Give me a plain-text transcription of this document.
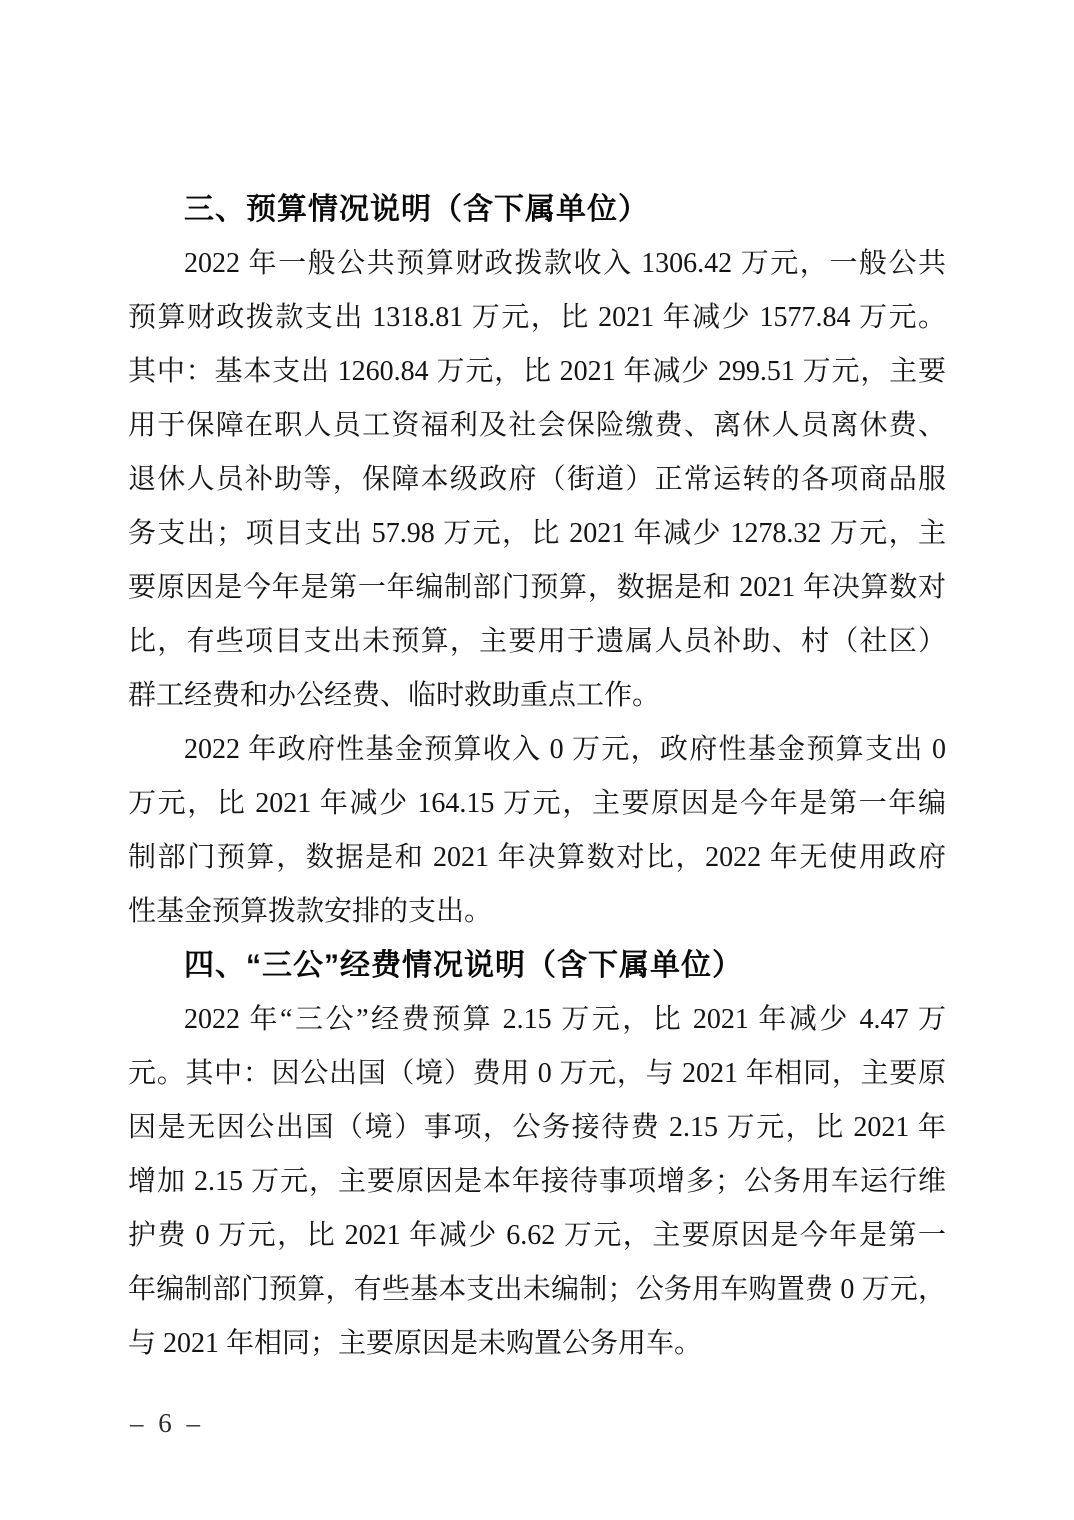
三、预算情况说明（含下属单位）
2022 年一般公共预算财政拨款收入 1306.42 万元，一般公共
预算财政拨款支出 1318.81 万元，比 2021 年减少 1577.84 万元。
其中：基本支出 1260.84 万元，比 2021 年减少 299.51 万元，主要
用于保障在职人员工资福利及社会保险缴费、离休人员离休费、
退休人员补助等，保障本级政府（街道）正常运转的各项商品服
务支出；项目支出 57.98 万元，比 2021 年减少 1278.32 万元，主
要原因是今年是第一年编制部门预算，数据是和 2021 年决算数对
比，有些项目支出未预算，主要用于遗属人员补助、村（社区）
群工经费和办公经费、临时救助重点工作。
2022 年政府性基金预算收入 0 万元，政府性基金预算支出 0
万元，比 2021 年减少 164.15 万元，主要原因是今年是第一年编
制部门预算，数据是和 2021 年决算数对比，2022 年无使用政府
性基金预算拨款安排的支出。
四、“三公”经费情况说明（含下属单位）
2022 年“三公”经费预算 2.15 万元，比 2021 年减少 4.47 万
元。其中：因公出国（境）费用 0 万元，与 2021 年相同，主要原
因是无因公出国（境）事项，公务接待费 2.15 万元，比 2021 年
增加 2.15 万元，主要原因是本年接待事项增多；公务用车运行维
护费 0 万元，比 2021 年减少 6.62 万元，主要原因是今年是第一
年编制部门预算，有些基本支出未编制；公务用车购置费 0 万元，
与 2021 年相同；主要原因是未购置公务用车。
– 6 –
